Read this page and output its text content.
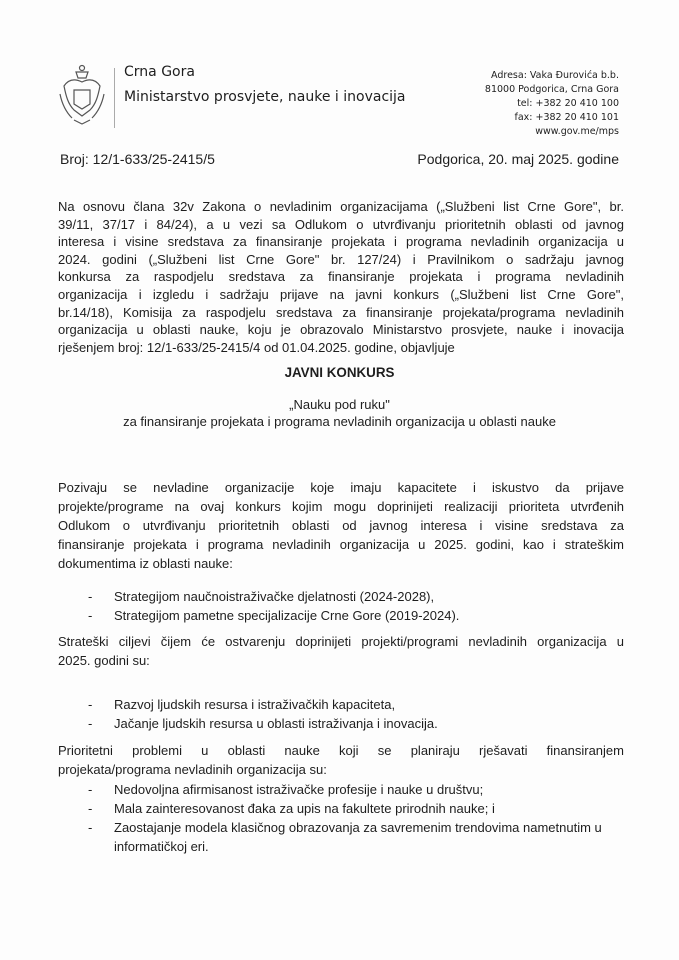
Crna Gora
Ministarstvo prosvjete, nauke i inovacija
Adresa: Vaka Đurovića b.b.
81000 Podgorica, Crna Gora
tel: +382 20 410 100
fax: +382 20 410 101
www.gov.me/mps
Broj: 12/1-633/25-2415/5	Podgorica, 20. maj 2025. godine
Na osnovu člana 32v Zakona o nevladinim organizacijama („Službeni list Crne Gore", br.
39/11, 37/17 i 84/24), a u vezi sa Odlukom o utvrđivanju prioritetnih oblasti od javnog
interesa i visine sredstava za finansiranje projekata i programa nevladinih organizacija u
2024. godini („Službeni list Crne Gore" br. 127/24) i Pravilnikom o sadržaju javnog
konkursa za raspodjelu sredstava za finansiranje projekata i programa nevladinih
organizacija i izgledu i sadržaju prijave na javni konkurs („Službeni list Crne Gore",
br.14/18), Komisija za raspodjelu sredstava za finansiranje projekata/programa nevladinih
organizacija u oblasti nauke, koju je obrazovalo Ministarstvo prosvjete, nauke i inovacija
rješenjem broj: 12/1-633/25-2415/4 od 01.04.2025. godine, objavljuje
JAVNI KONKURS
„Nauku pod ruku"
za finansiranje projekata i programa nevladinih organizacija u oblasti nauke
Pozivaju se nevladine organizacije koje imaju kapacitete i iskustvo da prijave
projekte/programe na ovaj konkurs kojim mogu doprinijeti realizaciji prioriteta utvrđenih
Odlukom o utvrđivanju prioritetnih oblasti od javnog interesa i visine sredstava za
finansiranje projekata i programa nevladinih organizacija u 2025. godini, kao i strateškim
dokumentima iz oblasti nauke:
- Strategijom naučnoistraživačke djelatnosti (2024-2028),
- Strategijom pametne specijalizacije Crne Gore (2019-2024).
Strateški ciljevi čijem će ostvarenju doprinijeti projekti/programi nevladinih organizacija u
2025. godini su:
- Razvoj ljudskih resursa i istraživačkih kapaciteta,
- Jačanje ljudskih resursa u oblasti istraživanja i inovacija.
Prioritetni problemi u oblasti nauke koji se planiraju rješavati finansiranjem
projekata/programa nevladinih organizacija su:
- Nedovoljna afirmisanost istraživačke profesije i nauke u društvu;
- Mala zainteresovanost đaka za upis na fakultete prirodnih nauke; i
- Zaostajanje modela klasičnog obrazovanja za savremenim trendovima nametnutim u informatičkoj eri.
